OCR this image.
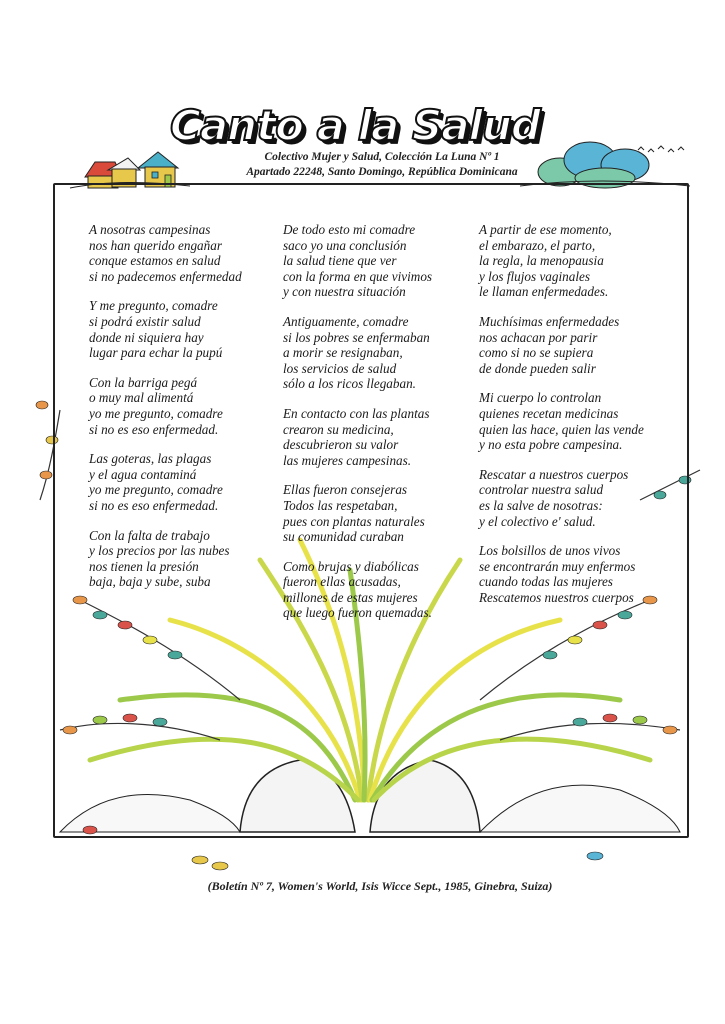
Canto a la Salud
Colectivo Mujer y Salud, Colección La Luna Nº 1
Apartado 22248, Santo Domingo, República Dominicana
A nosotras campesinas
nos han querido engañar
conque estamos en salud
si no padecemos enfermedad
Y me pregunto, comadre
si podrá existir salud
donde ni siquiera hay
lugar para echar la pupú
Con la barriga pegá
o muy mal alimentá
yo me pregunto, comadre
si no es eso enfermedad.
Las goteras, las plagas
y el agua contaminá
yo me pregunto, comadre
si no es eso enfermedad.
Con la falta de trabajo
y los precios por las nubes
nos tienen la presión
baja, baja y sube, suba
De todo esto mi comadre
saco yo una conclusión
la salud tiene que ver
con la forma en que vivimos
y con nuestra situación
Antiguamente, comadre
si los pobres se enfermaban
a morir se resignaban,
los servicios de salud
sólo a los ricos llegaban.
En contacto con las plantas
crearon su medicina,
descubrieron su valor
las mujeres campesinas.
Ellas fueron consejeras
Todos las respetaban,
pues con plantas naturales
su comunidad curaban
Como brujas y diabólicas
fueron ellas acusadas,
millones de estas mujeres
que luego fueron quemadas.
A partir de ese momento,
el embarazo, el parto,
la regla, la menopausia
y los flujos vaginales
le llaman enfermedades.
Muchísimas enfermedades
nos achacan por parir
como si no se supiera
de donde pueden salir
Mi cuerpo lo controlan
quienes recetan medicinas
quien las hace, quien las vende
y no esta pobre campesina.
Rescatar a nuestros cuerpos
controlar nuestra salud
es la salve de nosotras:
y el colectivo e' salud.
Los bolsillos de unos vivos
se encontrarán muy enfermos
cuando todas las mujeres
Rescatemos nuestros cuerpos
(Boletín Nº 7, Women's World, Isis Wicce Sept., 1985, Ginebra, Suiza)
